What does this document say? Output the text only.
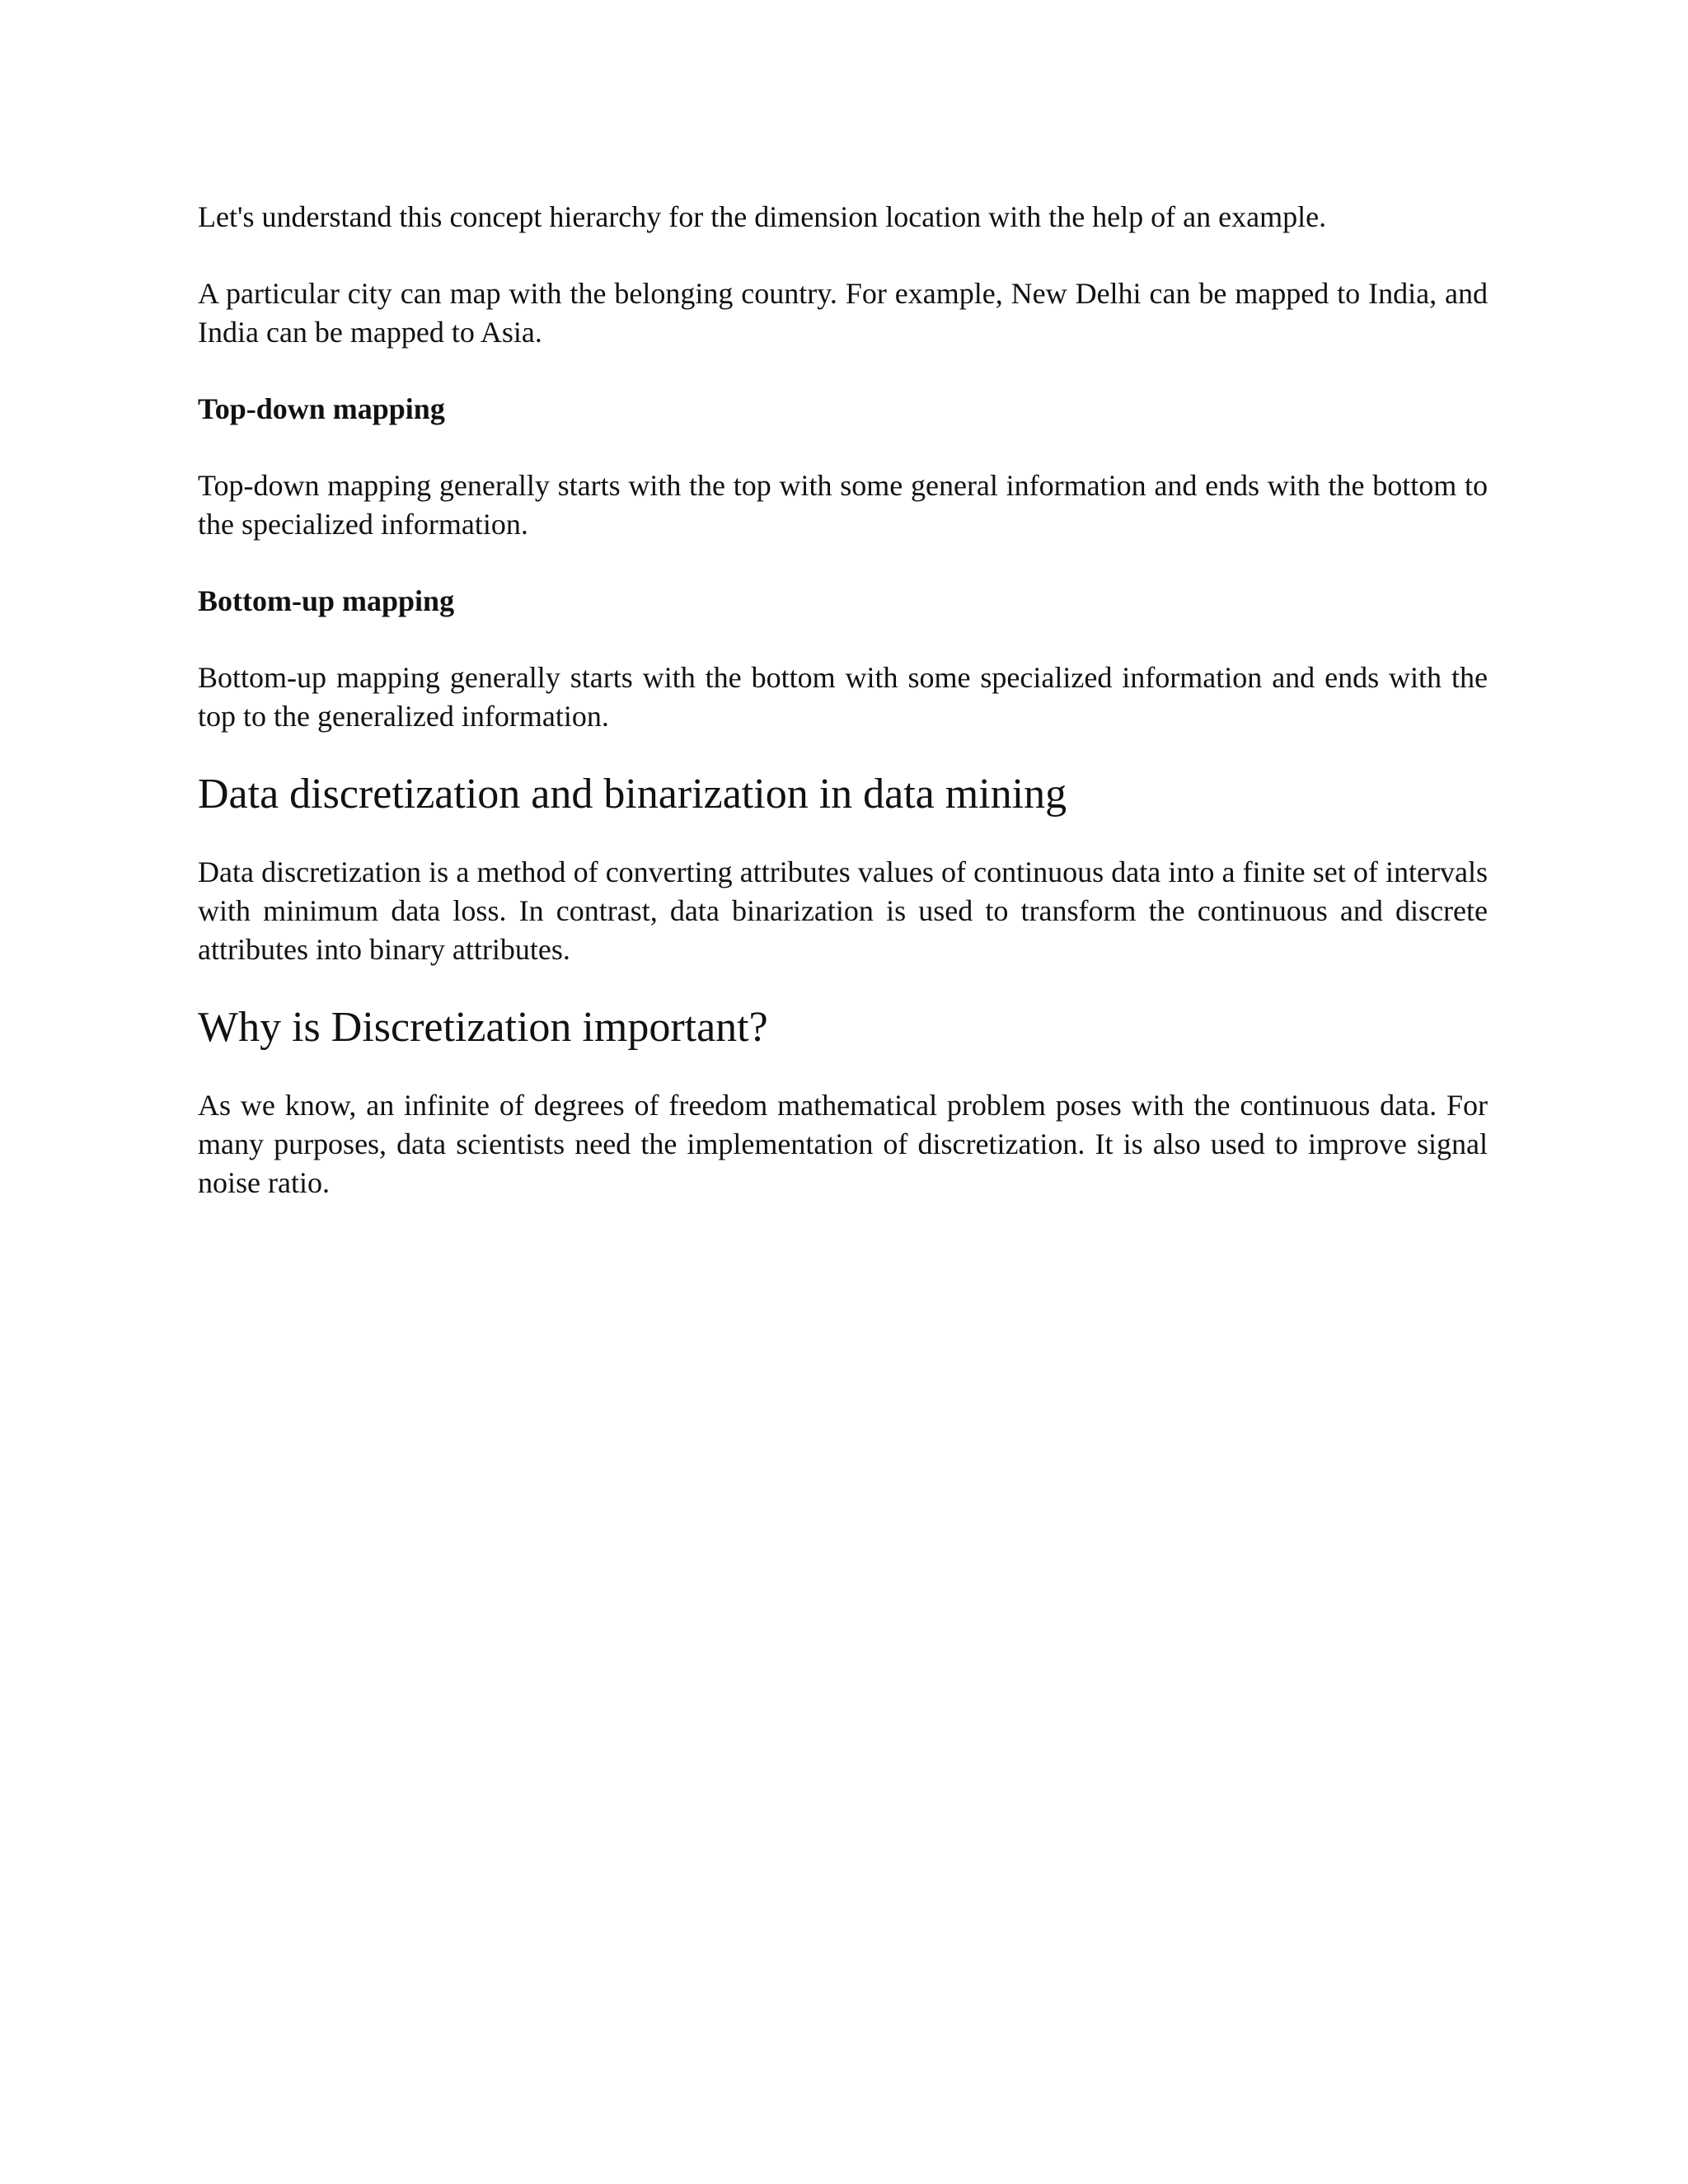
Let's understand this concept hierarchy for the dimension location with the help of an example.

A particular city can map with the belonging country. For example, New Delhi can be mapped to India, and India can be mapped to Asia.

Top-down mapping

Top-down mapping generally starts with the top with some general information and ends with the bottom to the specialized information.

Bottom-up mapping

Bottom-up mapping generally starts with the bottom with some specialized information and ends with the top to the generalized information.

Data discretization and binarization in data mining

Data discretization is a method of converting attributes values of continuous data into a finite set of intervals with minimum data loss. In contrast, data binarization is used to transform the continuous and discrete attributes into binary attributes.

Why is Discretization important?

As we know, an infinite of degrees of freedom mathematical problem poses with the continuous data. For many purposes, data scientists need the implementation of discretization. It is also used to improve signal noise ratio.
